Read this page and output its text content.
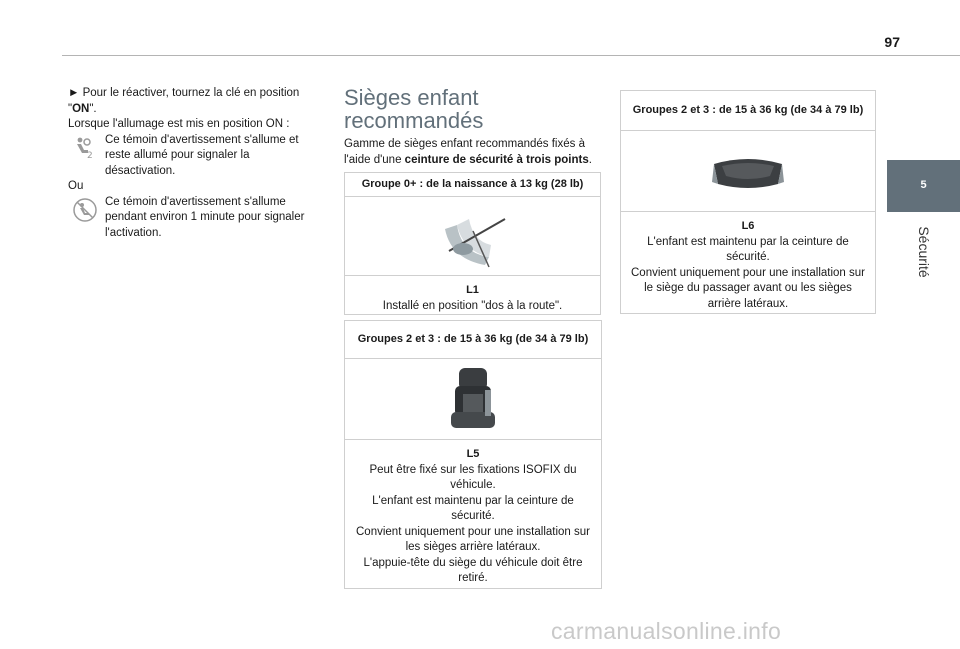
97
5
Sécurité

► Pour le réactiver, tournez la clé en position "ON".

Lorsque l'allumage est mis en position ON :

2
Ce témoin d'avertissement s'allume et reste allumé pour signaler la désactivation.

Ou

Ce témoin d'avertissement s'allume pendant environ 1 minute pour signaler l'activation.

Sièges enfant
recommandés
Gamme de sièges enfant recommandés fixés à l'aide d'une ceinture de sécurité à trois points.
Groupe 0+ : de la naissance à 13 kg (28 lb)
L1
Installé en position "dos à la route".
Groupes 2 et 3 : de 15 à 36 kg (de 34 à 79 lb)
L5
Peut être fixé sur les fixations ISOFIX du véhicule.
L'enfant est maintenu par la ceinture de sécurité.
Convient uniquement pour une installation sur les sièges arrière latéraux.
L'appuie-tête du siège du véhicule doit être retiré.
Groupes 2 et 3 : de 15 à 36 kg (de 34 à 79 lb)
L6
L'enfant est maintenu par la ceinture de sécurité.
Convient uniquement pour une installation sur le siège du passager avant ou les sièges arrière latéraux.
carmanualsonline.info
